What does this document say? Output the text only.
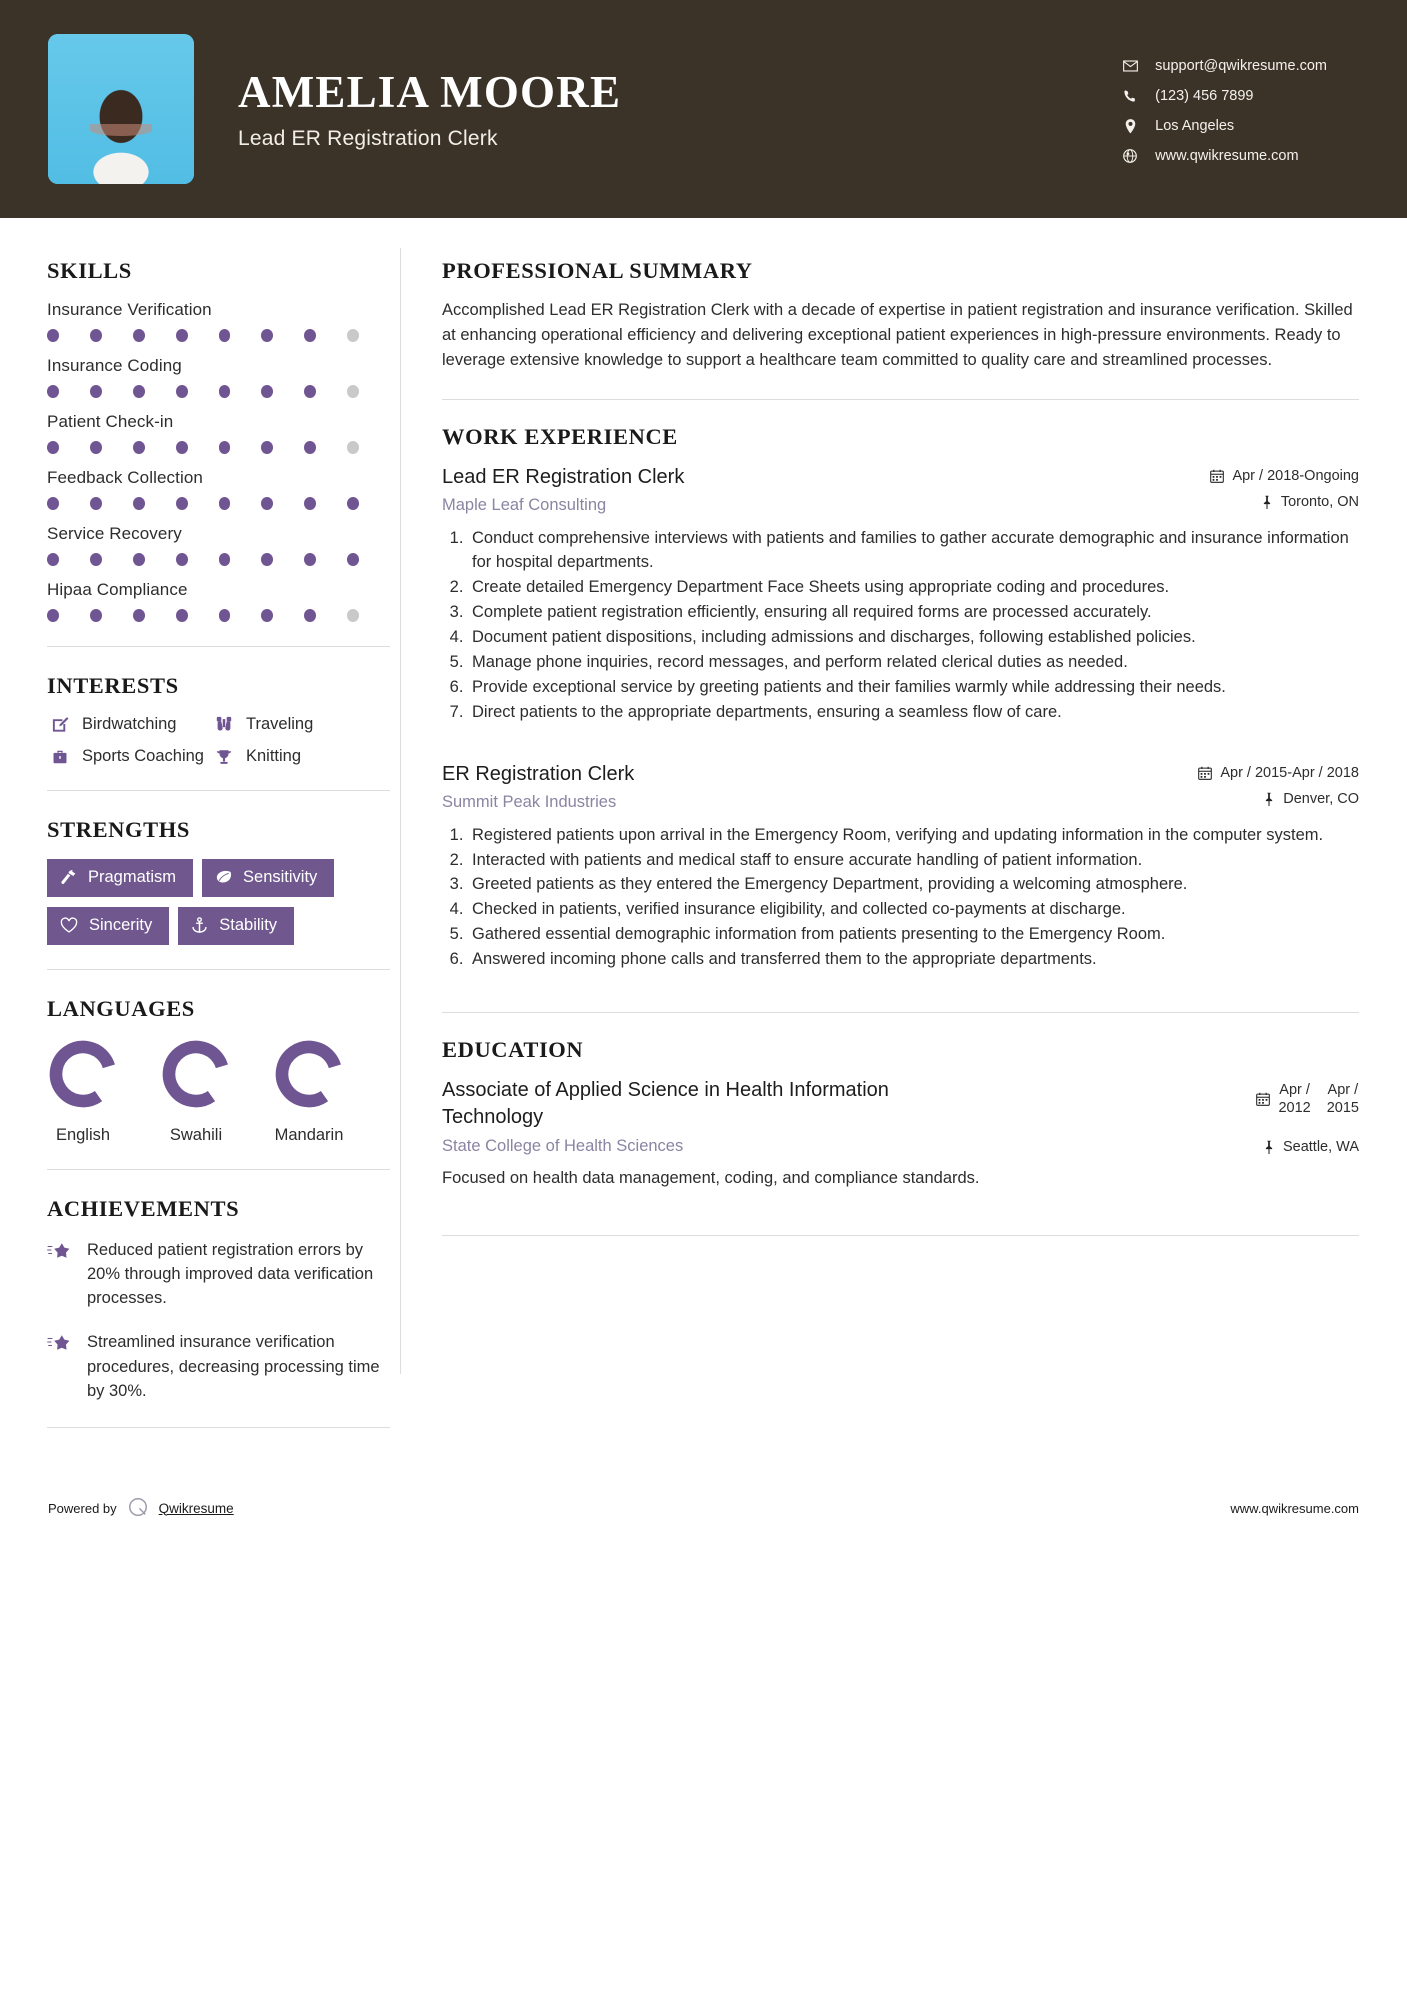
AMELIA MOORE
Lead ER Registration Clerk
support@qwikresume.com
(123) 456 7899
Los Angeles
www.qwikresume.com
SKILLS
Insurance Verification
Insurance Coding
Patient Check-in
Feedback Collection
Service Recovery
Hipaa Compliance
INTERESTS
Birdwatching	Traveling
Sports Coaching	Knitting
STRENGTHS
Pragmatism	Sensitivity
Sincerity	Stability
LANGUAGES
English	Swahili	Mandarin
ACHIEVEMENTS
Reduced patient registration errors by 20% through improved data verification processes.
Streamlined insurance verification procedures, decreasing processing time by 30%.
PROFESSIONAL SUMMARY
Accomplished Lead ER Registration Clerk with a decade of expertise in patient registration and insurance verification. Skilled at enhancing operational efficiency and delivering exceptional patient experiences in high-pressure environments. Ready to leverage extensive knowledge to support a healthcare team committed to quality care and streamlined processes.
WORK EXPERIENCE
Lead ER Registration Clerk
Maple Leaf Consulting
Apr / 2018-Ongoing
Toronto, ON
1. Conduct comprehensive interviews with patients and families to gather accurate demographic and insurance information for hospital departments.
2. Create detailed Emergency Department Face Sheets using appropriate coding and procedures.
3. Complete patient registration efficiently, ensuring all required forms are processed accurately.
4. Document patient dispositions, including admissions and discharges, following established policies.
5. Manage phone inquiries, record messages, and perform related clerical duties as needed.
6. Provide exceptional service by greeting patients and their families warmly while addressing their needs.
7. Direct patients to the appropriate departments, ensuring a seamless flow of care.
ER Registration Clerk
Summit Peak Industries
Apr / 2015-Apr / 2018
Denver, CO
1. Registered patients upon arrival in the Emergency Room, verifying and updating information in the computer system.
2. Interacted with patients and medical staff to ensure accurate handling of patient information.
3. Greeted patients as they entered the Emergency Department, providing a welcoming atmosphere.
4. Checked in patients, verified insurance eligibility, and collected co-payments at discharge.
5. Gathered essential demographic information from patients presenting to the Emergency Room.
6. Answered incoming phone calls and transferred them to the appropriate departments.
EDUCATION
Associate of Applied Science in Health Information Technology
State College of Health Sciences
Apr /
2012
Apr /
2015
Seattle, WA
Focused on health data management, coding, and compliance standards.
Powered by	Qwikresume	www.qwikresume.com
